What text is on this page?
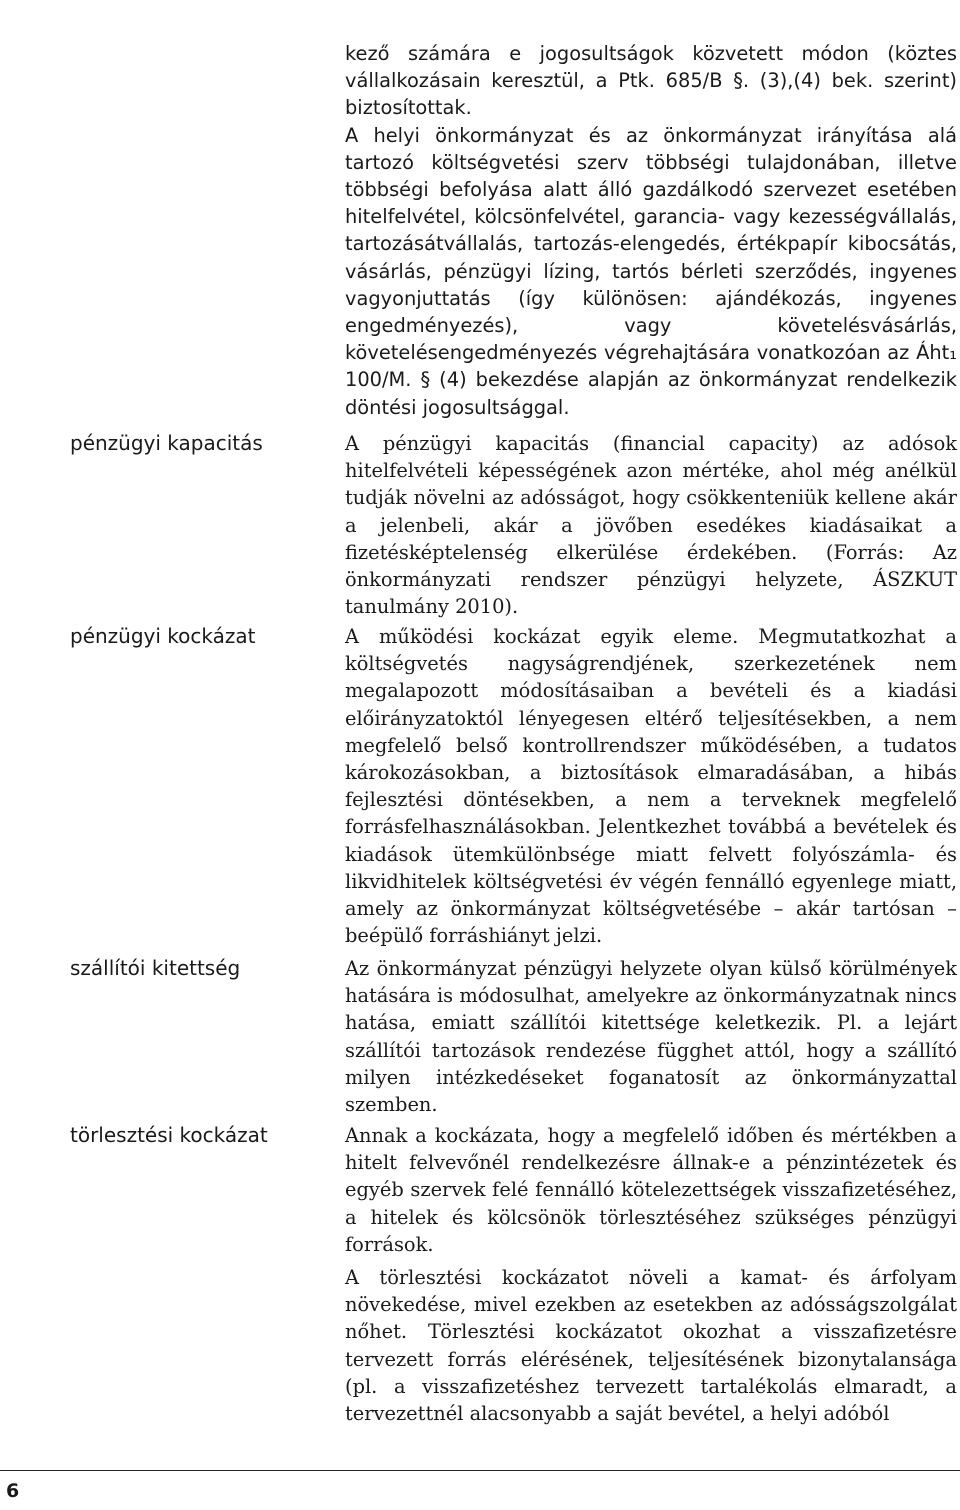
kező számára e jogosultságok közvetett módon (köztes vállalkozásain keresztül, a Ptk. 685/B §. (3),(4) bek. szerint) biztosítottak.

A helyi önkormányzat és az önkormányzat irányítása alá tartozó költségvetési szerv többségi tulajdonában, illetve többségi befolyása alatt álló gazdálkodó szervezet esetében hitelfelvétel, kölcsönfelvétel, garancia- vagy kezességvállalás, tartozásátvállalás, tartozás-elengedés, értékpapír kibocsátás, vásárlás, pénzügyi lízing, tartós bérleti szerződés, ingyenes vagyonjuttatás (így különösen: ajándékozás, ingyenes engedményezés), vagy követelésvásárlás, követelésengedményezés végrehajtására vonatkozóan az Áht₁ 100/M. § (4) bekezdése alapján az önkormányzat rendelkezik döntési jogosultsággal.

pénzügyi kapacitás	A pénzügyi kapacitás (financial capacity) az adósok hitelfelvételi képességének azon mértéke, ahol még anélkül tudják növelni az adósságot, hogy csökkenteniük kellene akár a jelenbeli, akár a jövőben esedékes kiadásaikat a fizetésképtelenség elkerülése érdekében. (Forrás: Az önkormányzati rendszer pénzügyi helyzete, ÁSZKUT tanulmány 2010).

pénzügyi kockázat	A működési kockázat egyik eleme. Megmutatkozhat a költségvetés nagyságrendjének, szerkezetének nem megalapozott módosításaiban a bevételi és a kiadási előirányzatoktól lényegesen eltérő teljesítésekben, a nem megfelelő belső kontrollrendszer működésében, a tudatos károkozásokban, a biztosítások elmaradásában, a hibás fejlesztési döntésekben, a nem a terveknek megfelelő forrásfelhasználásokban. Jelentkezhet továbbá a bevételek és kiadások ütemkülönbsége miatt felvett folyószámla- és likvidhitelek költségvetési év végén fennálló egyenlege miatt, amely az önkormányzat költségvetésébe – akár tartósan – beépülő forráshiányt jelzi.

szállítói kitettség	Az önkormányzat pénzügyi helyzete olyan külső körülmények hatására is módosulhat, amelyekre az önkormányzatnak nincs hatása, emiatt szállítói kitettsége keletkezik. Pl. a lejárt szállítói tartozások rendezése függhet attól, hogy a szállító milyen intézkedéseket foganatosít az önkormányzattal szemben.

törlesztési kockázat	Annak a kockázata, hogy a megfelelő időben és mértékben a hitelt felvevőnél rendelkezésre állnak-e a pénzintézetek és egyéb szervek felé fennálló kötelezettségek visszafizetéséhez, a hitelek és kölcsönök törlesztéséhez szükséges pénzügyi források.

A törlesztési kockázatot növeli a kamat- és árfolyam növekedése, mivel ezekben az esetekben az adósságszolgálat nőhet. Törlesztési kockázatot okozhat a visszafizetésre tervezett forrás elérésének, teljesítésének bizonytalansága (pl. a visszafizetéshez tervezett tartalékolás elmaradt, a tervezettnél alacsonyabb a saját bevétel, a helyi adóból

6
